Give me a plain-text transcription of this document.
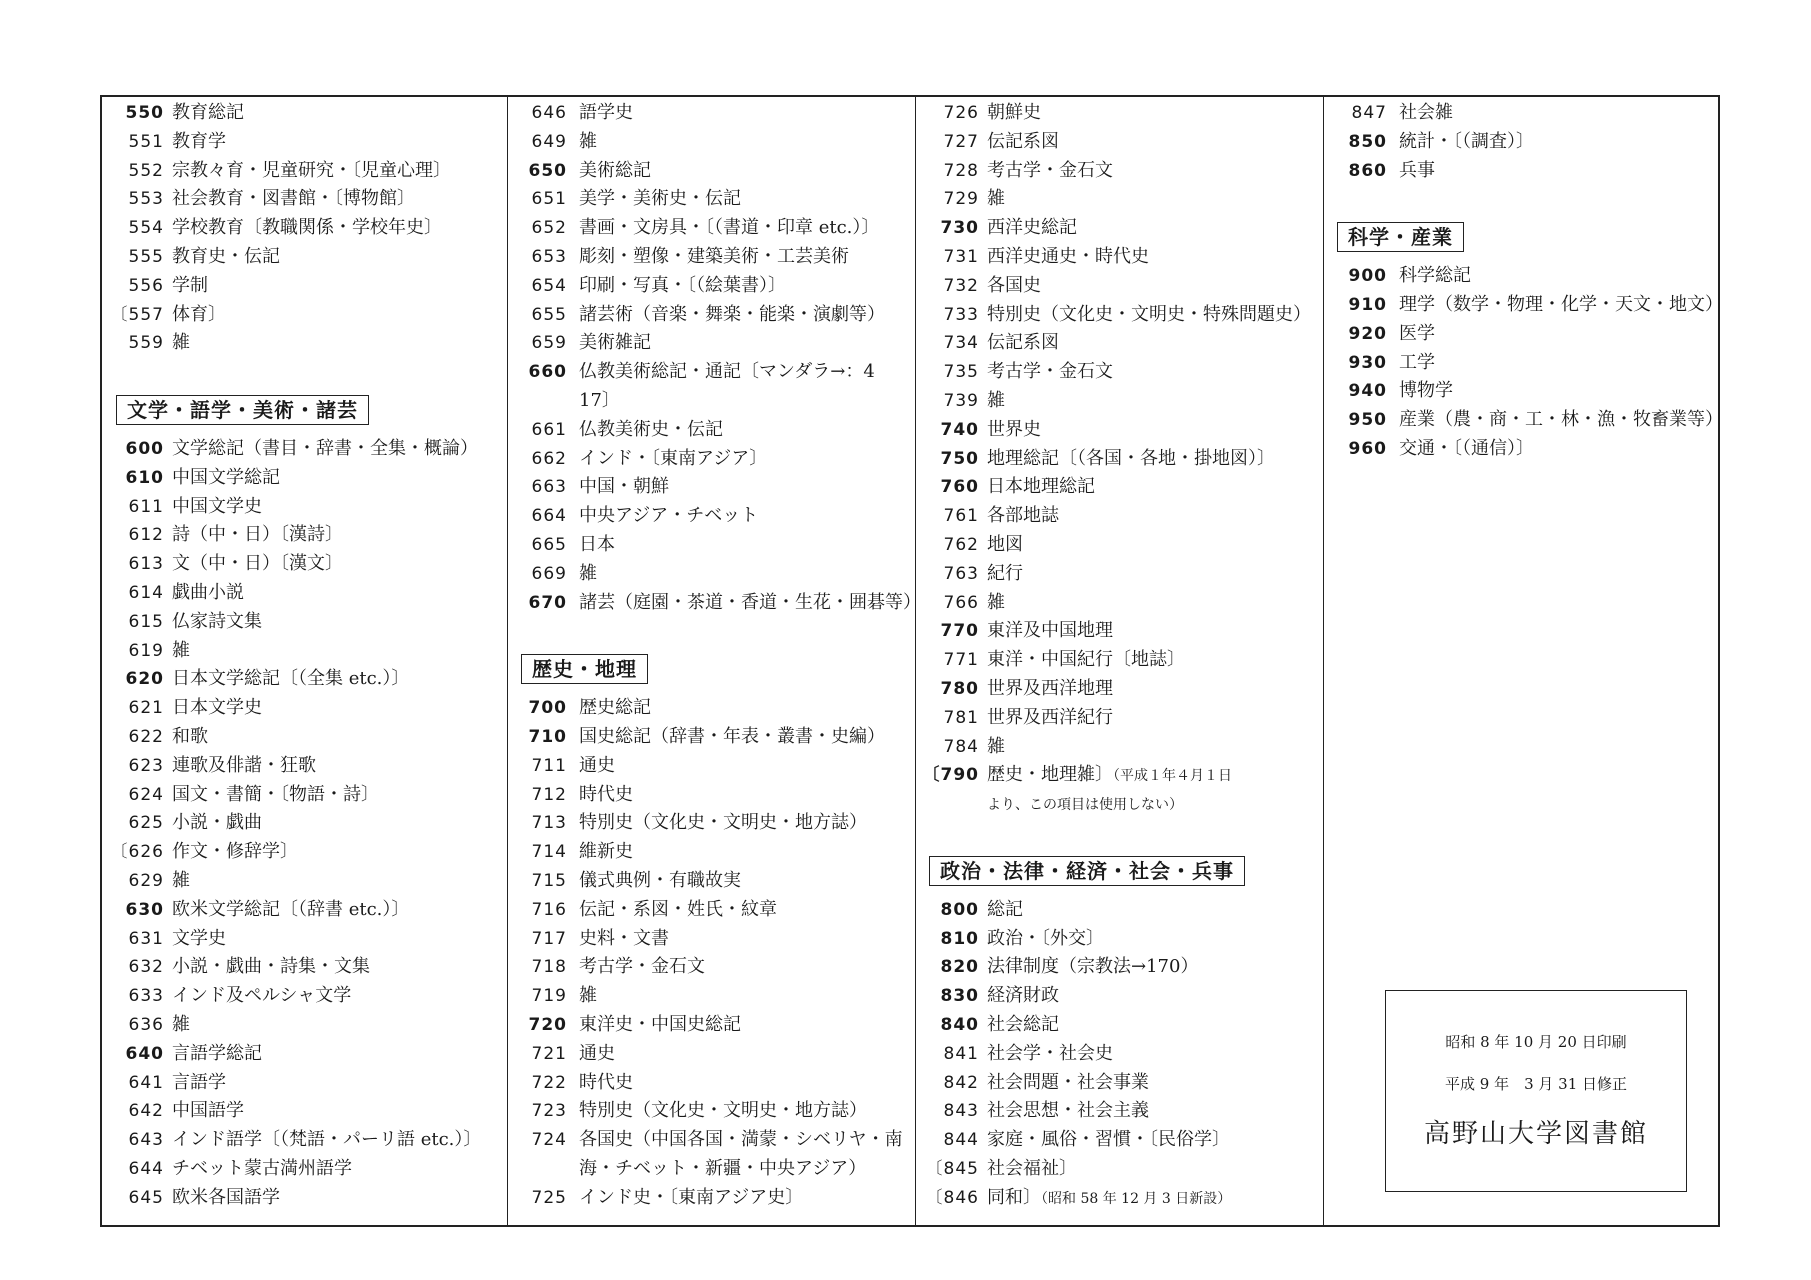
550 教育総記
551 教育学
552 宗教々育・児童研究・〔児童心理〕
553 社会教育・図書館・〔博物館〕
554 学校教育〔教職関係・学校年史〕
555 教育史・伝記
556 学制
〔557 体育〕
559 雑
文学・語学・美術・諸芸
600 文学総記（書目・辞書・全集・概論）
610 中国文学総記
611 中国文学史
612 詩（中・日）〔漢詩〕
613 文（中・日）〔漢文〕
614 戯曲小説
615 仏家詩文集
619 雑
620 日本文学総記〔（全集 etc.）〕
621 日本文学史
622 和歌
623 連歌及俳諧・狂歌
624 国文・書簡・〔物語・詩〕
625 小説・戯曲
〔626 作文・修辞学〕
629 雑
630 欧米文学総記〔（辞書 etc.）〕
631 文学史
632 小説・戯曲・詩集・文集
633 インド及ペルシャ文学
636 雑
640 言語学総記
641 言語学
642 中国語学
643 インド語学〔（梵語・パーリ語 etc.）〕
644 チベット蒙古満州語学
645 欧米各国語学
646 語学史
649 雑
650 美術総記
651 美学・美術史・伝記
652 書画・文房具・〔（書道・印章 etc.）〕
653 彫刻・塑像・建築美術・工芸美術
654 印刷・写真・〔（絵葉書）〕
655 諸芸術（音楽・舞楽・能楽・演劇等）
659 美術雑記
660 仏教美術総記・通記〔マンダラ→：4
17〕
661 仏教美術史・伝記
662 インド・〔東南アジア〕
663 中国・朝鮮
664 中央アジア・チベット
665 日本
669 雑
670 諸芸（庭園・茶道・香道・生花・囲碁等）
歴史・地理
700 歴史総記
710 国史総記（辞書・年表・叢書・史編）
711 通史
712 時代史
713 特別史（文化史・文明史・地方誌）
714 維新史
715 儀式典例・有職故実
716 伝記・系図・姓氏・紋章
717 史料・文書
718 考古学・金石文
719 雑
720 東洋史・中国史総記
721 通史
722 時代史
723 特別史（文化史・文明史・地方誌）
724 各国史（中国各国・満蒙・シベリヤ・南
海・チベット・新疆・中央アジア）
725 インド史・〔東南アジア史〕
726 朝鮮史
727 伝記系図
728 考古学・金石文
729 雑
730 西洋史総記
731 西洋史通史・時代史
732 各国史
733 特別史（文化史・文明史・特殊問題史）
734 伝記系図
735 考古学・金石文
739 雑
740 世界史
750 地理総記〔（各国・各地・掛地図）〕
760 日本地理総記
761 各部地誌
762 地図
763 紀行
766 雑
770 東洋及中国地理
771 東洋・中国紀行〔地誌〕
780 世界及西洋地理
781 世界及西洋紀行
784 雑
〔790 歴史・地理雑〕（平成１年４月１日
より、この項目は使用しない）
政治・法律・経済・社会・兵事
800 総記
810 政治・〔外交〕
820 法律制度（宗教法→170）
830 経済財政
840 社会総記
841 社会学・社会史
842 社会問題・社会事業
843 社会思想・社会主義
844 家庭・風俗・習慣・〔民俗学〕
〔845 社会福祉〕
〔846 同和〕（昭和 58 年 12 月 3 日新設）
847 社会雑
850 統計・〔（調査）〕
860 兵事
科学・産業
900 科学総記
910 理学（数学・物理・化学・天文・地文）
920 医学
930 工学
940 博物学
950 産業（農・商・工・林・漁・牧畜業等）
960 交通・〔（通信）〕
昭和 8 年 10 月 20 日印刷
平成 9 年　3 月 31 日修正
高野山大学図書館
